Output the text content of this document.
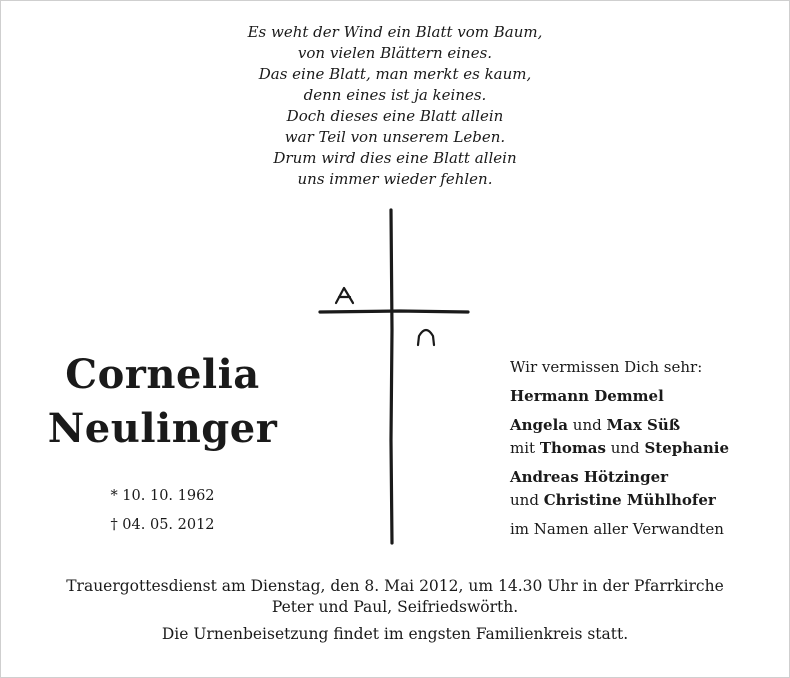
Es weht der Wind ein Blatt vom Baum,
von vielen Blättern eines.
Das eine Blatt, man merkt es kaum,
denn eines ist ja keines.
Doch dieses eine Blatt allein
war Teil von unserem Leben.
Drum wird dies eine Blatt allein
uns immer wieder fehlen.
Cornelia
Neulinger
* 10. 10. 1962
† 04. 05. 2012
Wir vermissen Dich sehr:
Hermann Demmel
Angela und Max Süß
mit Thomas und Stephanie
Andreas Hötzinger
und Christine Mühlhofer
im Namen aller Verwandten
Trauergottesdienst am Dienstag, den 8. Mai 2012, um 14.30 Uhr in der Pfarrkirche
Peter und Paul, Seifriedswörth.
Die Urnenbeisetzung findet im engsten Familienkreis statt.
